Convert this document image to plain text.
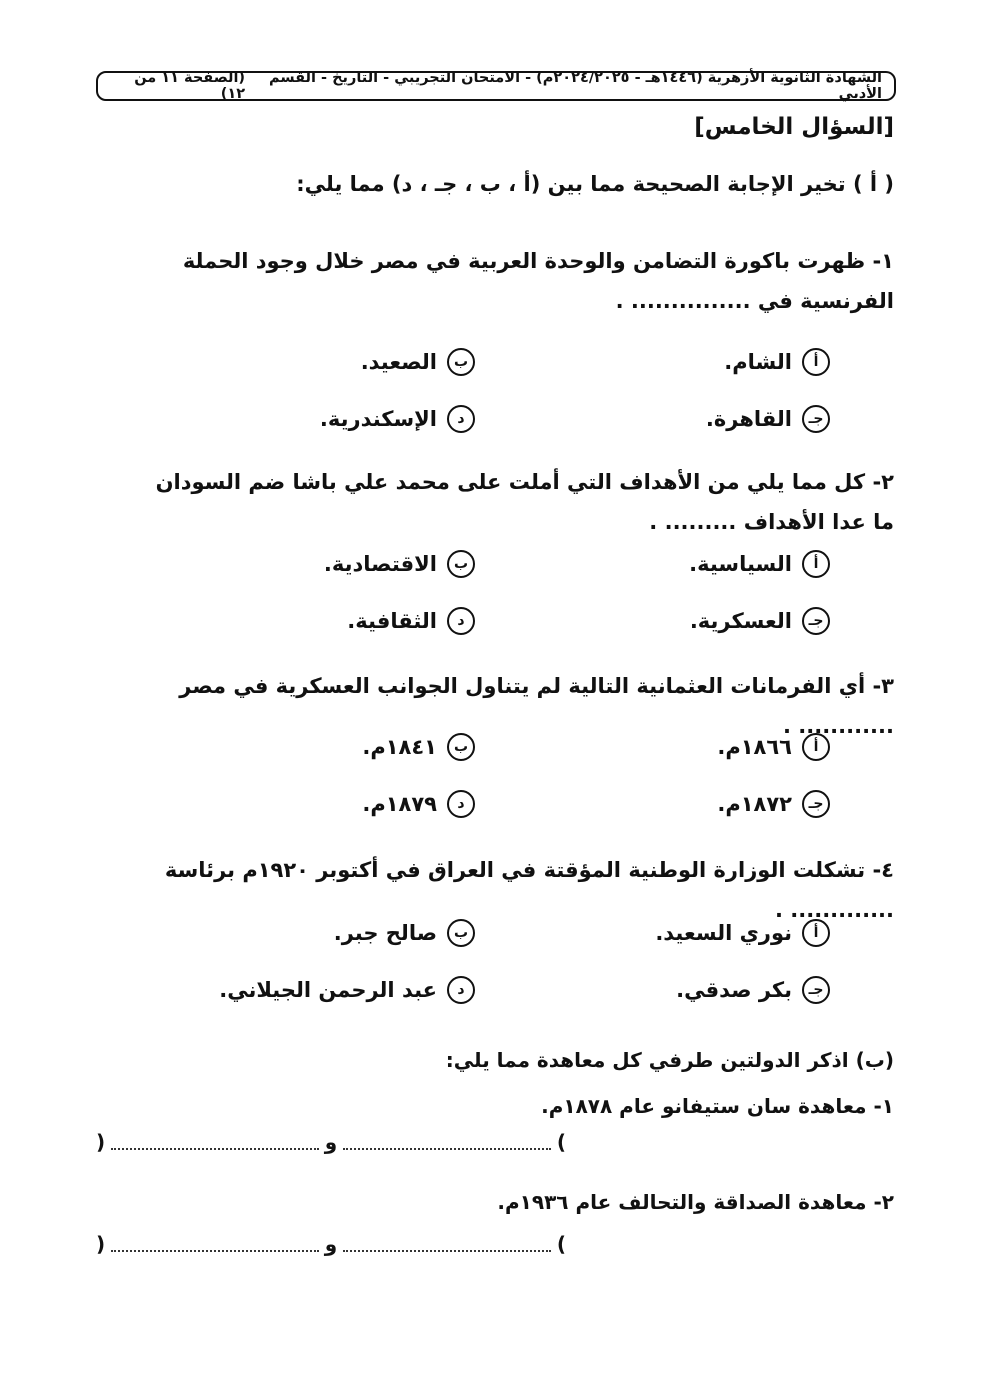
الشهادة الثانوية الأزهرية (١٤٤٦هـ - ٢٠٢٤/٢٠٢٥م) - الامتحان التجريبي - التاريخ - القسم الأدبي
(الصفحة ١١ من ١٢)
[السؤال الخامس]
( أ ) تخير الإجابة الصحيحة مما بين (أ ، ب ، جـ ، د) مما يلي:
١- ظهرت باكورة التضامن والوحدة العربية في مصر خلال وجود الحملة الفرنسية في ............... .
أ
الشام.
ب
الصعيد.
جـ
القاهرة.
د
الإسكندرية.
٢- كل مما يلي من الأهداف التي أملت على محمد علي باشا ضم السودان ما عدا الأهداف ......... .
أ
السياسية.
ب
الاقتصادية.
جـ
العسكرية.
د
الثقافية.
٣- أي الفرمانات العثمانية التالية لم يتناول الجوانب العسكرية في مصر ............ .
أ
١٨٦٦م.
ب
١٨٤١م.
جـ
١٨٧٢م.
د
١٨٧٩م.
٤- تشكلت الوزارة الوطنية المؤقتة في العراق في أكتوبر ١٩٢٠م برئاسة ............. .
أ
نوري السعيد.
ب
صالح جبر.
جـ
بكر صدقي.
د
عبد الرحمن الجيلاني.
(ب) اذكر الدولتين طرفي كل معاهدة مما يلي:
١- معاهدة سان ستيفانو عام ١٨٧٨م.
)	و	(
٢- معاهدة الصداقة والتحالف عام ١٩٣٦م.
)	و	(
